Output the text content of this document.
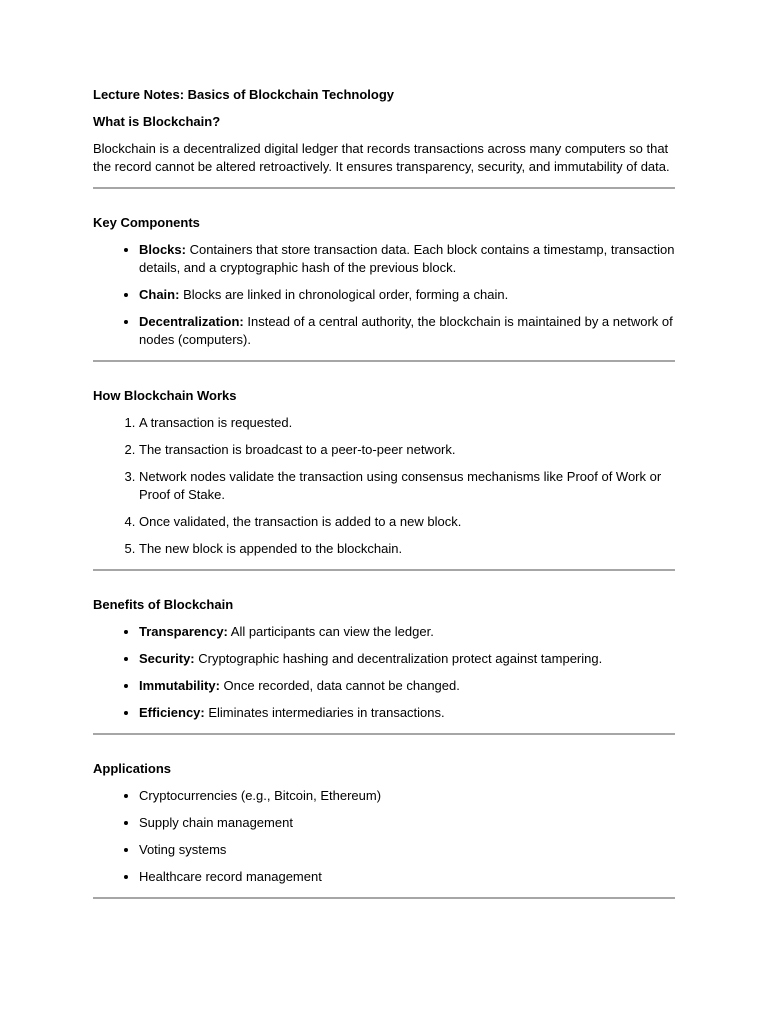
Lecture Notes: Basics of Blockchain Technology

What is Blockchain?

Blockchain is a decentralized digital ledger that records transactions across many computers so that the record cannot be altered retroactively. It ensures transparency, security, and immutability of data.

Key Components

• Blocks: Containers that store transaction data. Each block contains a timestamp, transaction details, and a cryptographic hash of the previous block.
• Chain: Blocks are linked in chronological order, forming a chain.
• Decentralization: Instead of a central authority, the blockchain is maintained by a network of nodes (computers).

How Blockchain Works

1. A transaction is requested.
2. The transaction is broadcast to a peer-to-peer network.
3. Network nodes validate the transaction using consensus mechanisms like Proof of Work or Proof of Stake.
4. Once validated, the transaction is added to a new block.
5. The new block is appended to the blockchain.

Benefits of Blockchain

• Transparency: All participants can view the ledger.
• Security: Cryptographic hashing and decentralization protect against tampering.
• Immutability: Once recorded, data cannot be changed.
• Efficiency: Eliminates intermediaries in transactions.

Applications

• Cryptocurrencies (e.g., Bitcoin, Ethereum)
• Supply chain management
• Voting systems
• Healthcare record management
